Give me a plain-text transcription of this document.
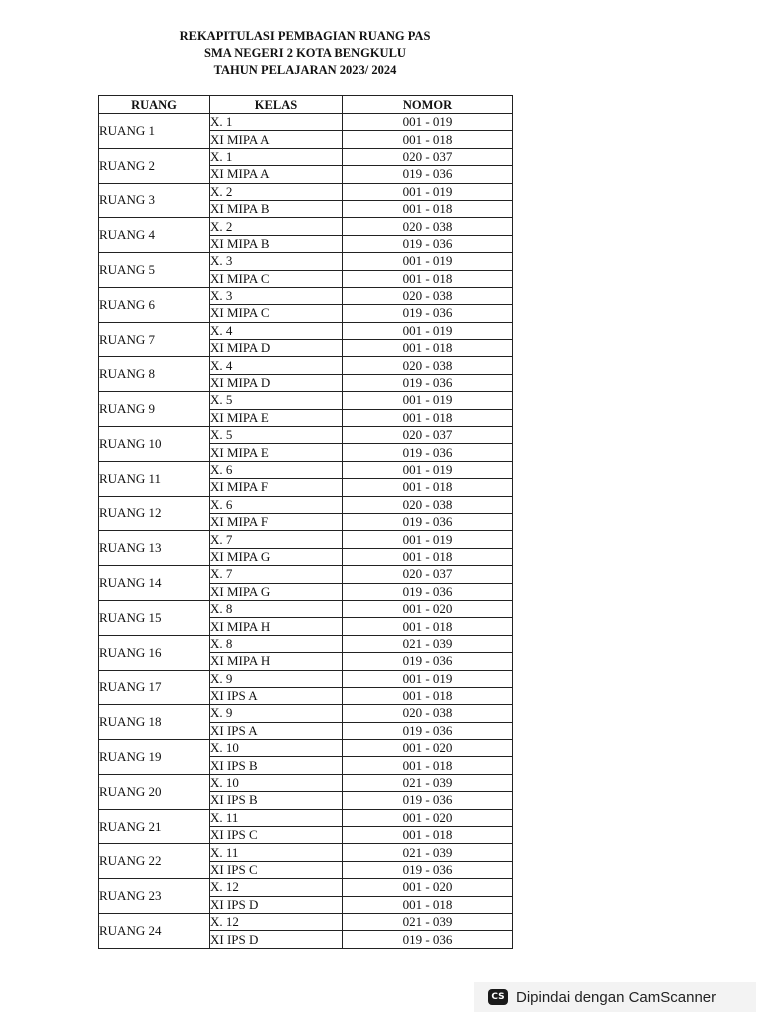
REKAPITULASI PEMBAGIAN RUANG PAS
SMA NEGERI 2 KOTA BENGKULU
TAHUN PELAJARAN 2023/ 2024
RUANG	KELAS	NOMOR
RUANG 1	X. 1	001 - 019
	XI MIPA A	001 - 018
RUANG 2	X. 1	020 - 037
	XI MIPA A	019 - 036
RUANG 3	X. 2	001 - 019
	XI MIPA B	001 - 018
RUANG 4	X. 2	020 - 038
	XI MIPA B	019 - 036
RUANG 5	X. 3	001 - 019
	XI MIPA C	001 - 018
RUANG 6	X. 3	020 - 038
	XI MIPA C	019 - 036
RUANG 7	X. 4	001 - 019
	XI MIPA D	001 - 018
RUANG 8	X. 4	020 - 038
	XI MIPA D	019 - 036
RUANG 9	X. 5	001 - 019
	XI MIPA E	001 - 018
RUANG 10	X. 5	020 - 037
	XI MIPA E	019 - 036
RUANG 11	X. 6	001 - 019
	XI MIPA F	001 - 018
RUANG 12	X. 6	020 - 038
	XI MIPA F	019 - 036
RUANG 13	X. 7	001 - 019
	XI MIPA G	001 - 018
RUANG 14	X. 7	020 - 037
	XI MIPA G	019 - 036
RUANG 15	X. 8	001 - 020
	XI MIPA H	001 - 018
RUANG 16	X. 8	021 - 039
	XI MIPA H	019 - 036
RUANG 17	X. 9	001 - 019
	XI IPS A	001 - 018
RUANG 18	X. 9	020 - 038
	XI IPS A	019 - 036
RUANG 19	X. 10	001 - 020
	XI IPS B	001 - 018
RUANG 20	X. 10	021 - 039
	XI IPS B	019 - 036
RUANG 21	X. 11	001 - 020
	XI IPS C	001 - 018
RUANG 22	X. 11	021 - 039
	XI IPS C	019 - 036
RUANG 23	X. 12	001 - 020
	XI IPS D	001 - 018
RUANG 24	X. 12	021 - 039
	XI IPS D	019 - 036
CS Dipindai dengan CamScanner
